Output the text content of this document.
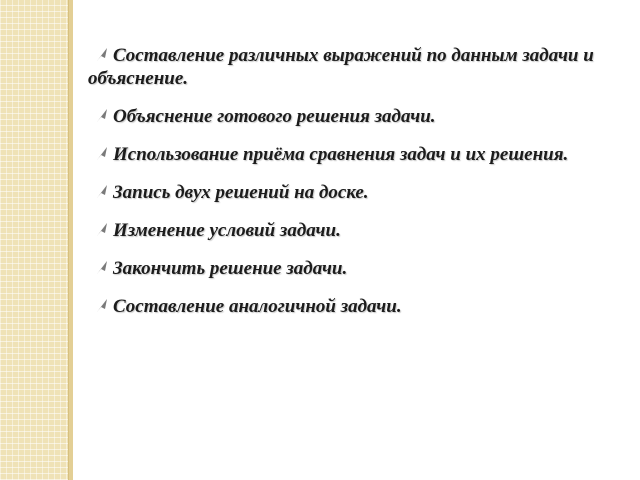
Составление различных выражений по данным задачи и объяснение.
Объяснение готового решения задачи.
Использование приёма сравнения задач и их решения.
Запись двух решений на доске.
Изменение условий задачи.
Закончить решение задачи.
Составление аналогичной задачи.
